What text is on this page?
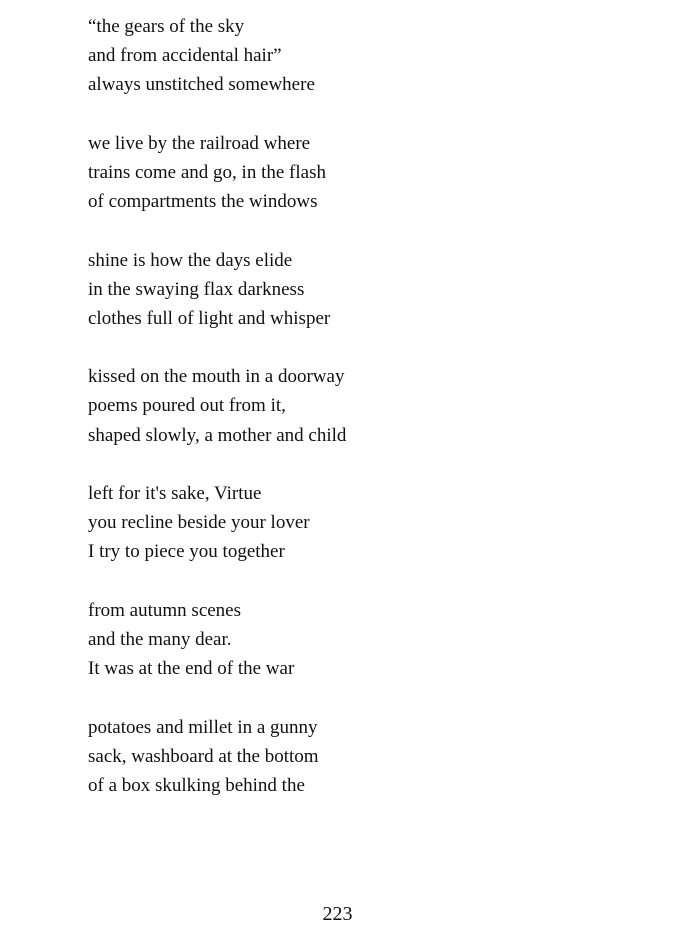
“the gears of the sky
and from accidental hair”
always unstitched somewhere
we live by the railroad where
trains come and go, in the flash
of compartments the windows
shine is how the days elide
in the swaying flax darkness
clothes full of light and whisper
kissed on the mouth in a doorway
poems poured out from it,
shaped slowly, a mother and child
left for it's sake, Virtue
you recline beside your lover
I try to piece you together
from autumn scenes
and the many dear.
It was at the end of the war
potatoes and millet in a gunny
sack, washboard at the bottom
of a box skulking behind the
223
